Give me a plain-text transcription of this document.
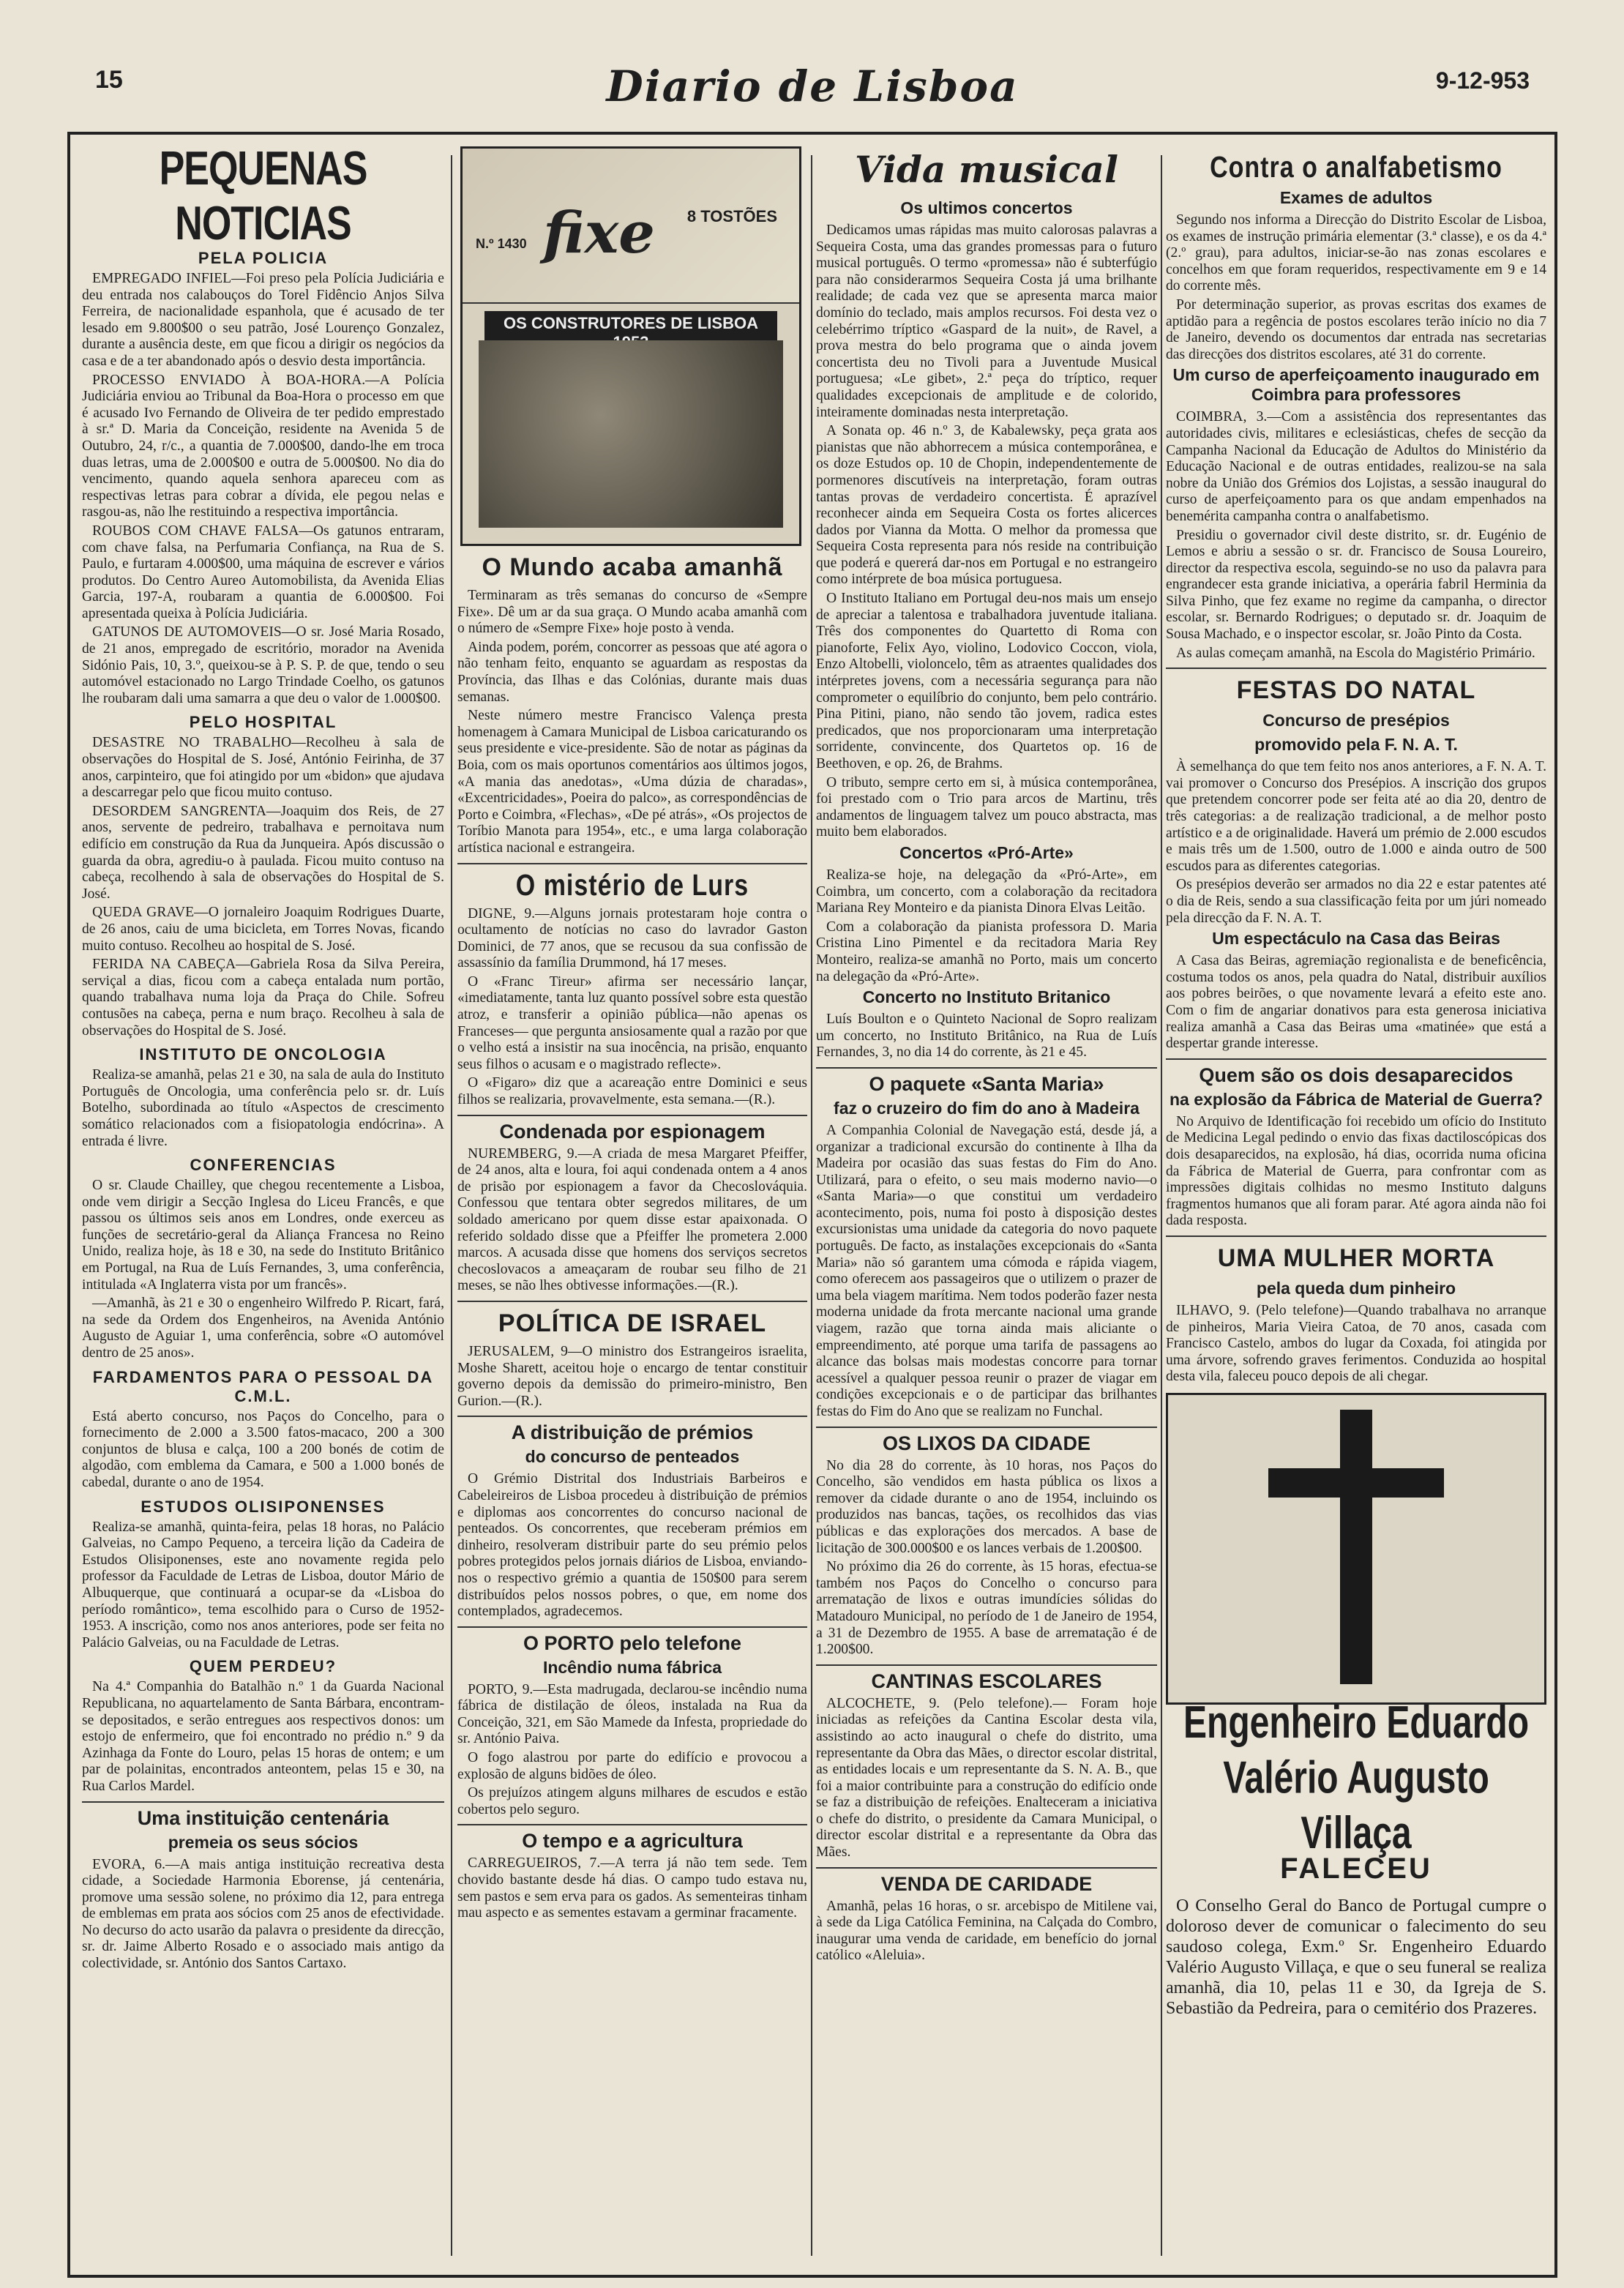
15	Diario de Lisboa	9-12-953
PEQUENAS NOTICIAS
PELA POLICIA

EMPREGADO INFIEL—Foi preso pela Polícia Judiciária e deu entrada nos calabouços do Torel Fidêncio Anjos Silva Ferreira, de nacionalidade espanhola, que é acusado de ter lesado em 9.800$00 o seu patrão, José Lourenço Gonzalez, durante a ausência deste, em que ficou a dirigir os negócios da casa e de a ter abandonado após o desvio desta importância.

PROCESSO ENVIADO À BOA-HORA.—A Polícia Judiciária enviou ao Tribunal da Boa-Hora o processo em que é acusado Ivo Fernando de Oliveira de ter pedido emprestado à sr.ª D. Maria da Conceição, residente na Avenida 5 de Outubro, 24, r/c., a quantia de 7.000$00, dando-lhe em troca duas letras, uma de 2.000$00 e outra de 5.000$00. No dia do vencimento, quando aquela senhora apareceu com as respectivas letras para cobrar a dívida, ele pegou nelas e rasgou-as, não lhe restituindo a respectiva importância.

ROUBOS COM CHAVE FALSA—Os gatunos entraram, com chave falsa, na Perfumaria Confiança, na Rua de S. Paulo, e furtaram 4.000$00, uma máquina de escrever e vários produtos. Do Centro Aureo Automobilista, da Avenida Elias Garcia, 197-A, roubaram a quantia de 6.000$00. Foi apresentada queixa à Polícia Judiciária.

GATUNOS DE AUTOMOVEIS—O sr. José Maria Rosado, de 21 anos, empregado de escritório, morador na Avenida Sidónio Pais, 10, 3.º, queixou-se à P. S. P. de que, tendo o seu automóvel estacionado no Largo Trindade Coelho, os gatunos lhe roubaram dali uma samarra a que deu o valor de 1.000$00.

PELO HOSPITAL

DESASTRE NO TRABALHO—Recolheu à sala de observações do Hospital de S. José, António Feirinha, de 37 anos, carpinteiro, que foi atingido por um «bidon» que ajudava a descarregar pelo que ficou muito contuso.

DESORDEM SANGRENTA—Joaquim dos Reis, de 27 anos, servente de pedreiro, trabalhava e pernoitava num edifício em construção da Rua da Junqueira. Após discussão o guarda da obra, agrediu-o à paulada. Ficou muito contuso na cabeça, recolhendo à sala de observações do Hospital de S. José.

QUEDA GRAVE—O jornaleiro Joaquim Rodrigues Duarte, de 26 anos, caiu de uma bicicleta, em Torres Novas, ficando muito contuso. Recolheu ao hospital de S. José.

FERIDA NA CABEÇA—Gabriela Rosa da Silva Pereira, serviçal a dias, ficou com a cabeça entalada num portão, quando trabalhava numa loja da Praça do Chile. Sofreu contusões na cabeça, perna e num braço. Recolheu à sala de observações do Hospital de S. José.

INSTITUTO DE ONCOLOGIA

Realiza-se amanhã, pelas 21 e 30, na sala de aula do Instituto Português de Oncologia, uma conferência pelo sr. dr. Luís Botelho, subordinada ao título «Aspectos de crescimento somático relacionados com a fisiopatologia endócrina». A entrada é livre.

CONFERENCIAS

O sr. Claude Chailley, que chegou recentemente a Lisboa, onde vem dirigir a Secção Inglesa do Liceu Francês, e que passou os últimos seis anos em Londres, onde exerceu as funções de secretário-geral da Aliança Francesa no Reino Unido, realiza hoje, às 18 e 30, na sede do Instituto Britânico em Portugal, na Rua de Luís Fernandes, 3, uma conferência, intitulada «A Inglaterra vista por um francês».

—Amanhã, às 21 e 30 o engenheiro Wilfredo P. Ricart, fará, na sede da Ordem dos Engenheiros, na Avenida António Augusto de Aguiar 1, uma conferência, sobre «O automóvel dentro de 25 anos».

FARDAMENTOS PARA O PESSOAL DA C.M.L.

Está aberto concurso, nos Paços do Concelho, para o fornecimento de 2.000 a 3.500 fatos-macaco, 200 a 300 conjuntos de blusa e calça, 100 a 200 bonés de cotim de algodão, com emblema da Camara, e 500 a 1.000 bonés de cabedal, durante o ano de 1954.

ESTUDOS OLISIPONENSES

Realiza-se amanhã, quinta-feira, pelas 18 horas, no Palácio Galveias, no Campo Pequeno, a terceira lição da Cadeira de Estudos Olisiponenses, este ano novamente regida pelo professor da Faculdade de Letras de Lisboa, doutor Mário de Albuquerque, que continuará a ocupar-se da «Lisboa do período romântico», tema escolhido para o Curso de 1952-1953. A inscrição, como nos anos anteriores, pode ser feita no Palácio Galveias, ou na Faculdade de Letras.

QUEM PERDEU?

Na 4.ª Companhia do Batalhão n.º 1 da Guarda Nacional Republicana, no aquartelamento de Santa Bárbara, encontram-se depositados, e serão entregues aos respectivos donos: um estojo de enfermeiro, que foi encontrado no prédio n.º 9 da Azinhaga da Fonte do Louro, pelas 15 horas de ontem; e um par de polainitas, encontrados anteontem, pelas 15 e 30, na Rua Carlos Mardel.

Uma instituição centenária
premeia os seus sócios

EVORA, 6.—A mais antiga instituição recreativa desta cidade, a Sociedade Harmonia Eborense, já centenária, promove uma sessão solene, no próximo dia 12, para entrega de emblemas em prata aos sócios com 25 anos de efectividade. No decurso do acto usarão da palavra o presidente da direcção, sr. dr. Jaime Alberto Rosado e o associado mais antigo da colectividade, sr. António dos Santos Cartaxo.

N.º 1430 fixe 8 TOSTÕES
OS CONSTRUTORES DE LISBOA
O Mundo acaba amanhã

Terminaram as três semanas do concurso de «Sempre Fixe». Dê um ar da sua graça. O Mundo acaba amanhã com o número de «Sempre Fixe» hoje posto à venda.

Ainda podem, porém, concorrer as pessoas que até agora o não tenham feito, enquanto se aguardam as respostas da Província, das Ilhas e das Colónias, durante mais duas semanas.

Neste número mestre Francisco Valença presta homenagem à Camara Municipal de Lisboa caricaturando os seus presidente e vice-presidente. São de notar as páginas da Boia, com os mais oportunos comentários aos últimos jogos, «A mania das anedotas», «Uma dúzia de charadas», «Excentricidades», Poeira do palco», as correspondências de Porto e Coimbra, «Flechas», «De pé atrás», «Os projectos de Toríbio Manota para 1954», etc., e uma larga colaboração artística nacional e estrangeira.

O mistério de Lurs

DIGNE, 9.—Alguns jornais protestaram hoje contra o ocultamento de notícias no caso do lavrador Gaston Dominici, de 77 anos, que se recusou da sua confissão de assassínio da família Drummond, há 17 meses.

O «Franc Tireur» afirma ser necessário lançar, «imediatamente, tanta luz quanto possível sobre esta questão atroz, e transferir a opinião pública—não apenas os Franceses— que pergunta ansiosamente qual a razão por que o velho está a insistir na sua inocência, na prisão, enquanto seus filhos o acusam e o magistrado reflecte».

O «Figaro» diz que a acareação entre Dominici e seus filhos se realizaria, provavelmente, esta semana.—(R.).

Condenada por espionagem

NUREMBERG, 9.—A criada de mesa Margaret Pfeiffer, de 24 anos, alta e loura, foi aqui condenada ontem a 4 anos de prisão por espionagem a favor da Checoslováquia. Confessou que tentara obter segredos militares, de um soldado americano por quem disse estar apaixonada. O referido soldado disse que a Pfeiffer lhe prometera 2.000 marcos. A acusada disse que homens dos serviços secretos checoslovacos a ameaçaram de roubar seu filho de 21 meses, se não lhes obtivesse informações.—(R.).

POLÍTICA DE ISRAEL

JERUSALEM, 9—O ministro dos Estrangeiros israelita, Moshe Sharett, aceitou hoje o encargo de tentar constituir governo depois da demissão do primeiro-ministro, Ben Gurion.—(R.).

A distribuição de prémios
do concurso de penteados

O Grémio Distrital dos Industriais Barbeiros e Cabeleireiros de Lisboa procedeu à distribuição de prémios e diplomas aos concorrentes do concurso nacional de penteados. Os concorrentes, que receberam prémios em dinheiro, resolveram distribuir parte do seu prémio pelos pobres protegidos pelos jornais diários de Lisboa, enviando-nos o respectivo grémio a quantia de 150$00 para serem distribuídos pelos nossos pobres, o que, em nome dos contemplados, agradecemos.

O PORTO pelo telefone
Incêndio numa fábrica

PORTO, 9.—Esta madrugada, declarou-se incêndio numa fábrica de distilação de óleos, instalada na Rua da Conceição, 321, em São Mamede da Infesta, propriedade do sr. António Paiva.

O fogo alastrou por parte do edifício e provocou a explosão de alguns bidões de óleo.

Os prejuízos atingem alguns milhares de escudos e estão cobertos pelo seguro.

O tempo e a agricultura

CARREGUEIROS, 7.—A terra já não tem sede. Tem chovido bastante desde há dias. O campo tudo estava nu, sem pastos e sem erva para os gados. As sementeiras tinham mau aspecto e as sementes estavam a germinar fracamente.

Vida musical
Os ultimos concertos

Dedicamos umas rápidas mas muito calorosas palavras a Sequeira Costa, uma das grandes promessas para o futuro musical português. O termo «promessa» não é subterfúgio para não considerarmos Sequeira Costa já uma brilhante realidade; de cada vez que se apresenta marca maior domínio do teclado, mais amplos recursos. Foi desta vez o celebérrimo tríptico «Gaspard de la nuit», de Ravel, a prova mestra do belo programa que o ainda jovem concertista deu no Tivoli para a Juventude Musical portuguesa; «Le gibet», 2.ª peça do tríptico, requer qualidades excepcionais de amplitude e de colorido, inteiramente dominadas nesta interpretação.

A Sonata op. 46 n.º 3, de Kabalewsky, peça grata aos pianistas que não abhorrecem a música contemporânea, e os doze Estudos op. 10 de Chopin, independentemente de pormenores discutíveis na interpretação, foram outras tantas provas de verdadeiro concertista. É aprazível reconhecer ainda em Sequeira Costa os fortes alicerces dados por Vianna da Motta. O melhor da promessa que Sequeira Costa representa para nós reside na contribuição que poderá e quererá dar-nos em Portugal e no estrangeiro como intérprete de boa música portuguesa.

O Instituto Italiano em Portugal deu-nos mais um ensejo de apreciar a talentosa e trabalhadora juventude italiana. Três dos componentes do Quartetto di Roma con pianoforte, Felix Ayo, violino, Lodovico Coccon, viola, Enzo Altobelli, violoncelo, têm as atraentes qualidades dos intérpretes jovens, com a necessária segurança para não comprometer o equilíbrio do conjunto, bem pelo contrário. Pina Pitini, piano, não sendo tão jovem, radica estes predicados, que nos proporcionaram uma interpretação sorridente, convincente, dos Quartetos op. 16 de Beethoven, e op. 26, de Brahms.

O tributo, sempre certo em si, à música contemporânea, foi prestado com o Trio para arcos de Martinu, três andamentos de linguagem talvez um pouco abstracta, mas muito bem elaborados.

Concertos «Pró-Arte»

Realiza-se hoje, na delegação da «Pró-Arte», em Coimbra, um concerto, com a colaboração da recitadora Mariana Rey Monteiro e da pianista Dinora Elvas Leitão.

Com a colaboração da pianista professora D. Maria Cristina Lino Pimentel e da recitadora Maria Rey Monteiro, realiza-se amanhã no Porto, mais um concerto na delegação da «Pró-Arte».

Concerto no Instituto Britanico

Luís Boulton e o Quinteto Nacional de Sopro realizam um concerto, no Instituto Britânico, na Rua de Luís Fernandes, 3, no dia 14 do corrente, às 21 e 45.

O paquete «Santa Maria»
faz o cruzeiro do fim do ano à Madeira

A Companhia Colonial de Navegação está, desde já, a organizar a tradicional excursão do continente à Ilha da Madeira por ocasião das suas festas do Fim do Ano. Utilizará, para o efeito, o seu mais moderno navio—o «Santa Maria»—o que constitui um verdadeiro acontecimento, pois, numa foi posto à disposição destes excursionistas uma unidade da categoria do novo paquete português. De facto, as instalações excepcionais do «Santa Maria» não só garantem uma cómoda e rápida viagem, como oferecem aos passageiros que o utilizem o prazer de uma bela viagem marítima. Nem todos poderão fazer nesta moderna unidade da frota mercante nacional uma grande viagem, razão que torna ainda mais aliciante o empreendimento, até porque uma tarifa de passagens ao alcance das bolsas mais modestas concorre para tornar acessível a qualquer pessoa reunir o prazer de viagar em condições excepcionais e o de participar das brilhantes festas do Fim do Ano que se realizam no Funchal.

OS LIXOS DA CIDADE

No dia 28 do corrente, às 10 horas, nos Paços do Concelho, são vendidos em hasta pública os lixos a remover da cidade durante o ano de 1954, incluindo os produzidos nas bancas, tações, os recolhidos das vias públicas e das explorações dos mercados. A base de licitação de 300.000$00 e os lances verbais de 1.200$00.

No próximo dia 26 do corrente, às 15 horas, efectua-se também nos Paços do Concelho o concurso para arrematação de lixos e outras imundícies sólidas do Matadouro Municipal, no período de 1 de Janeiro de 1954, a 31 de Dezembro de 1955. A base de arrematação é de 1.200$00.

CANTINAS ESCOLARES

ALCOCHETE, 9. (Pelo telefone).— Foram hoje iniciadas as refeições da Cantina Escolar desta vila, assistindo ao acto inaugural o chefe do distrito, uma representante da Obra das Mães, o director escolar distrital, as entidades locais e um representante da S. N. A. B., que foi a maior contribuinte para a construção do edifício onde se faz a distribuição de refeições. Enalteceram a iniciativa o chefe do distrito, o presidente da Camara Municipal, o director escolar distrital e a representante da Obra das Mães.

VENDA DE CARIDADE

Amanhã, pelas 16 horas, o sr. arcebispo de Mitilene vai, à sede da Liga Católica Feminina, na Calçada do Combro, inaugurar uma venda de caridade, em benefício do jornal católico «Aleluia».

Contra o analfabetismo
Exames de adultos

Segundo nos informa a Direcção do Distrito Escolar de Lisboa, os exames de instrução primária elementar (3.ª classe), e os da 4.ª (2.º grau), para adultos, iniciar-se-ão nas zonas escolares e concelhos em que foram requeridos, respectivamente em 9 e 14 do corrente mês.

Por determinação superior, as provas escritas dos exames de aptidão para a regência de postos escolares terão início no dia 7 de Janeiro, devendo os documentos dar entrada nas secretarias das direcções dos distritos escolares, até 31 do corrente.

Um curso de aperfeiçoamento inaugurado em Coimbra para professores

COIMBRA, 3.—Com a assistência dos representantes das autoridades civis, militares e eclesiásticas, chefes de secção da Campanha Nacional da Educação de Adultos do Ministério da Educação Nacional e de outras entidades, realizou-se na sala nobre da União dos Grémios dos Lojistas, a sessão inaugural do curso de aperfeiçoamento para os que andam empenhados na benemérita campanha contra o analfabetismo.

Presidiu o governador civil deste distrito, sr. dr. Eugénio de Lemos e abriu a sessão o sr. dr. Francisco de Sousa Loureiro, director da respectiva escola, seguindo-se no uso da palavra para engrandecer esta grande iniciativa, a operária fabril Herminia da Silva Pinho, que fez exame no regime da campanha, o director escolar, sr. Bernardo Rodrigues; o deputado sr. dr. Joaquim de Sousa Machado, e o inspector escolar, sr. João Pinto da Costa.

As aulas começam amanhã, na Escola do Magistério Primário.

FESTAS DO NATAL
Concurso de presépios
promovido pela F. N. A. T.

À semelhança do que tem feito nos anos anteriores, a F. N. A. T. vai promover o Concurso dos Presépios. A inscrição dos grupos que pretendem concorrer pode ser feita até ao dia 20, dentro de três categorias: a de realização tradicional, a de melhor posto artístico e a de originalidade. Haverá um prémio de 2.000 escudos e mais três um de 1.500, outro de 1.000 e ainda outro de 500 escudos para as diferentes categorias.

Os presépios deverão ser armados no dia 22 e estar patentes até o dia de Reis, sendo a sua classificação feita por um júri nomeado pela direcção da F. N. A. T.

Um espectáculo na Casa das Beiras

A Casa das Beiras, agremiação regionalista e de beneficência, costuma todos os anos, pela quadra do Natal, distribuir auxílios aos pobres beirões, o que novamente levará a efeito este ano. Com o fim de angariar donativos para esta generosa iniciativa realiza amanhã a Casa das Beiras uma «matinée» que está a despertar grande interesse.

Quem são os dois desaparecidos
na explosão da Fábrica de Material de Guerra?

No Arquivo de Identificação foi recebido um ofício do Instituto de Medicina Legal pedindo o envio das fixas dactiloscópicas dos dois desaparecidos, na explosão, há dias, ocorrida numa oficina da Fábrica de Material de Guerra, para confrontar com as impressões digitais colhidas no mesmo Instituto dalguns fragmentos humanos que ali foram parar. Até agora ainda não foi dada resposta.

UMA MULHER MORTA
pela queda dum pinheiro

ILHAVO, 9. (Pelo telefone)—Quando trabalhava no arranque de pinheiros, Maria Vieira Catoa, de 70 anos, casada com Francisco Castelo, ambos do lugar da Coxada, foi atingida por uma árvore, sofrendo graves ferimentos. Conduzida ao hospital desta vila, faleceu pouco depois de ali chegar.

Engenheiro Eduardo Valério Augusto Villaça
FALECEU

O Conselho Geral do Banco de Portugal cumpre o doloroso dever de comunicar o falecimento do seu saudoso colega, Exm.º Sr. Engenheiro Eduardo Valério Augusto Villaça, e que o seu funeral se realiza amanhã, dia 10, pelas 11 e 30, da Igreja de S. Sebastião da Pedreira, para o cemitério dos Prazeres.
